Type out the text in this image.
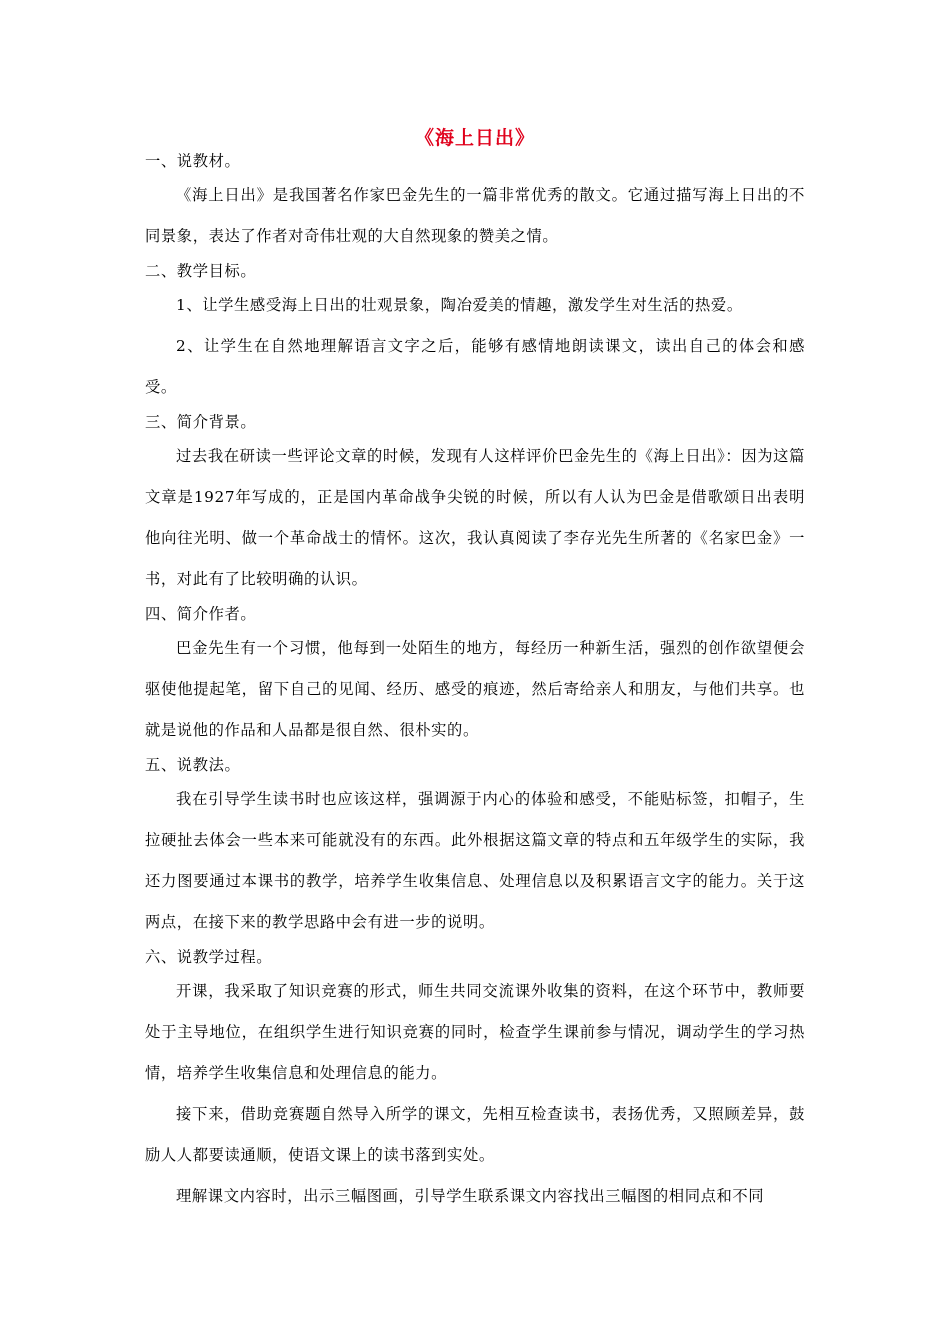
《海上日出》
一、说教材。

《海上日出》是我国著名作家巴金先生的一篇非常优秀的散文。它通过描写海上日出的不同景象，表达了作者对奇伟壮观的大自然现象的赞美之情。

二、教学目标。

1、让学生感受海上日出的壮观景象，陶冶爱美的情趣，激发学生对生活的热爱。

2、让学生在自然地理解语言文字之后，能够有感情地朗读课文，读出自己的体会和感受。

三、简介背景。

过去我在研读一些评论文章的时候，发现有人这样评价巴金先生的《海上日出》：因为这篇文章是1927年写成的，正是国内革命战争尖锐的时候，所以有人认为巴金是借歌颂日出表明他向往光明、做一个革命战士的情怀。这次，我认真阅读了李存光先生所著的《名家巴金》一书，对此有了比较明确的认识。

四、简介作者。

巴金先生有一个习惯，他每到一处陌生的地方，每经历一种新生活，强烈的创作欲望便会驱使他提起笔，留下自己的见闻、经历、感受的痕迹，然后寄给亲人和朋友，与他们共享。也就是说他的作品和人品都是很自然、很朴实的。

五、说教法。

我在引导学生读书时也应该这样，强调源于内心的体验和感受，不能贴标签，扣帽子，生拉硬扯去体会一些本来可能就没有的东西。此外根据这篇文章的特点和五年级学生的实际，我还力图要通过本课书的教学，培养学生收集信息、处理信息以及积累语言文字的能力。关于这两点，在接下来的教学思路中会有进一步的说明。

六、说教学过程。

开课，我采取了知识竞赛的形式，师生共同交流课外收集的资料，在这个环节中，教师要处于主导地位，在组织学生进行知识竞赛的同时，检查学生课前参与情况，调动学生的学习热情，培养学生收集信息和处理信息的能力。

接下来，借助竞赛题自然导入所学的课文，先相互检查读书，表扬优秀，又照顾差异，鼓励人人都要读通顺，使语文课上的读书落到实处。

理解课文内容时，出示三幅图画，引导学生联系课文内容找出三幅图的相同点和不同
